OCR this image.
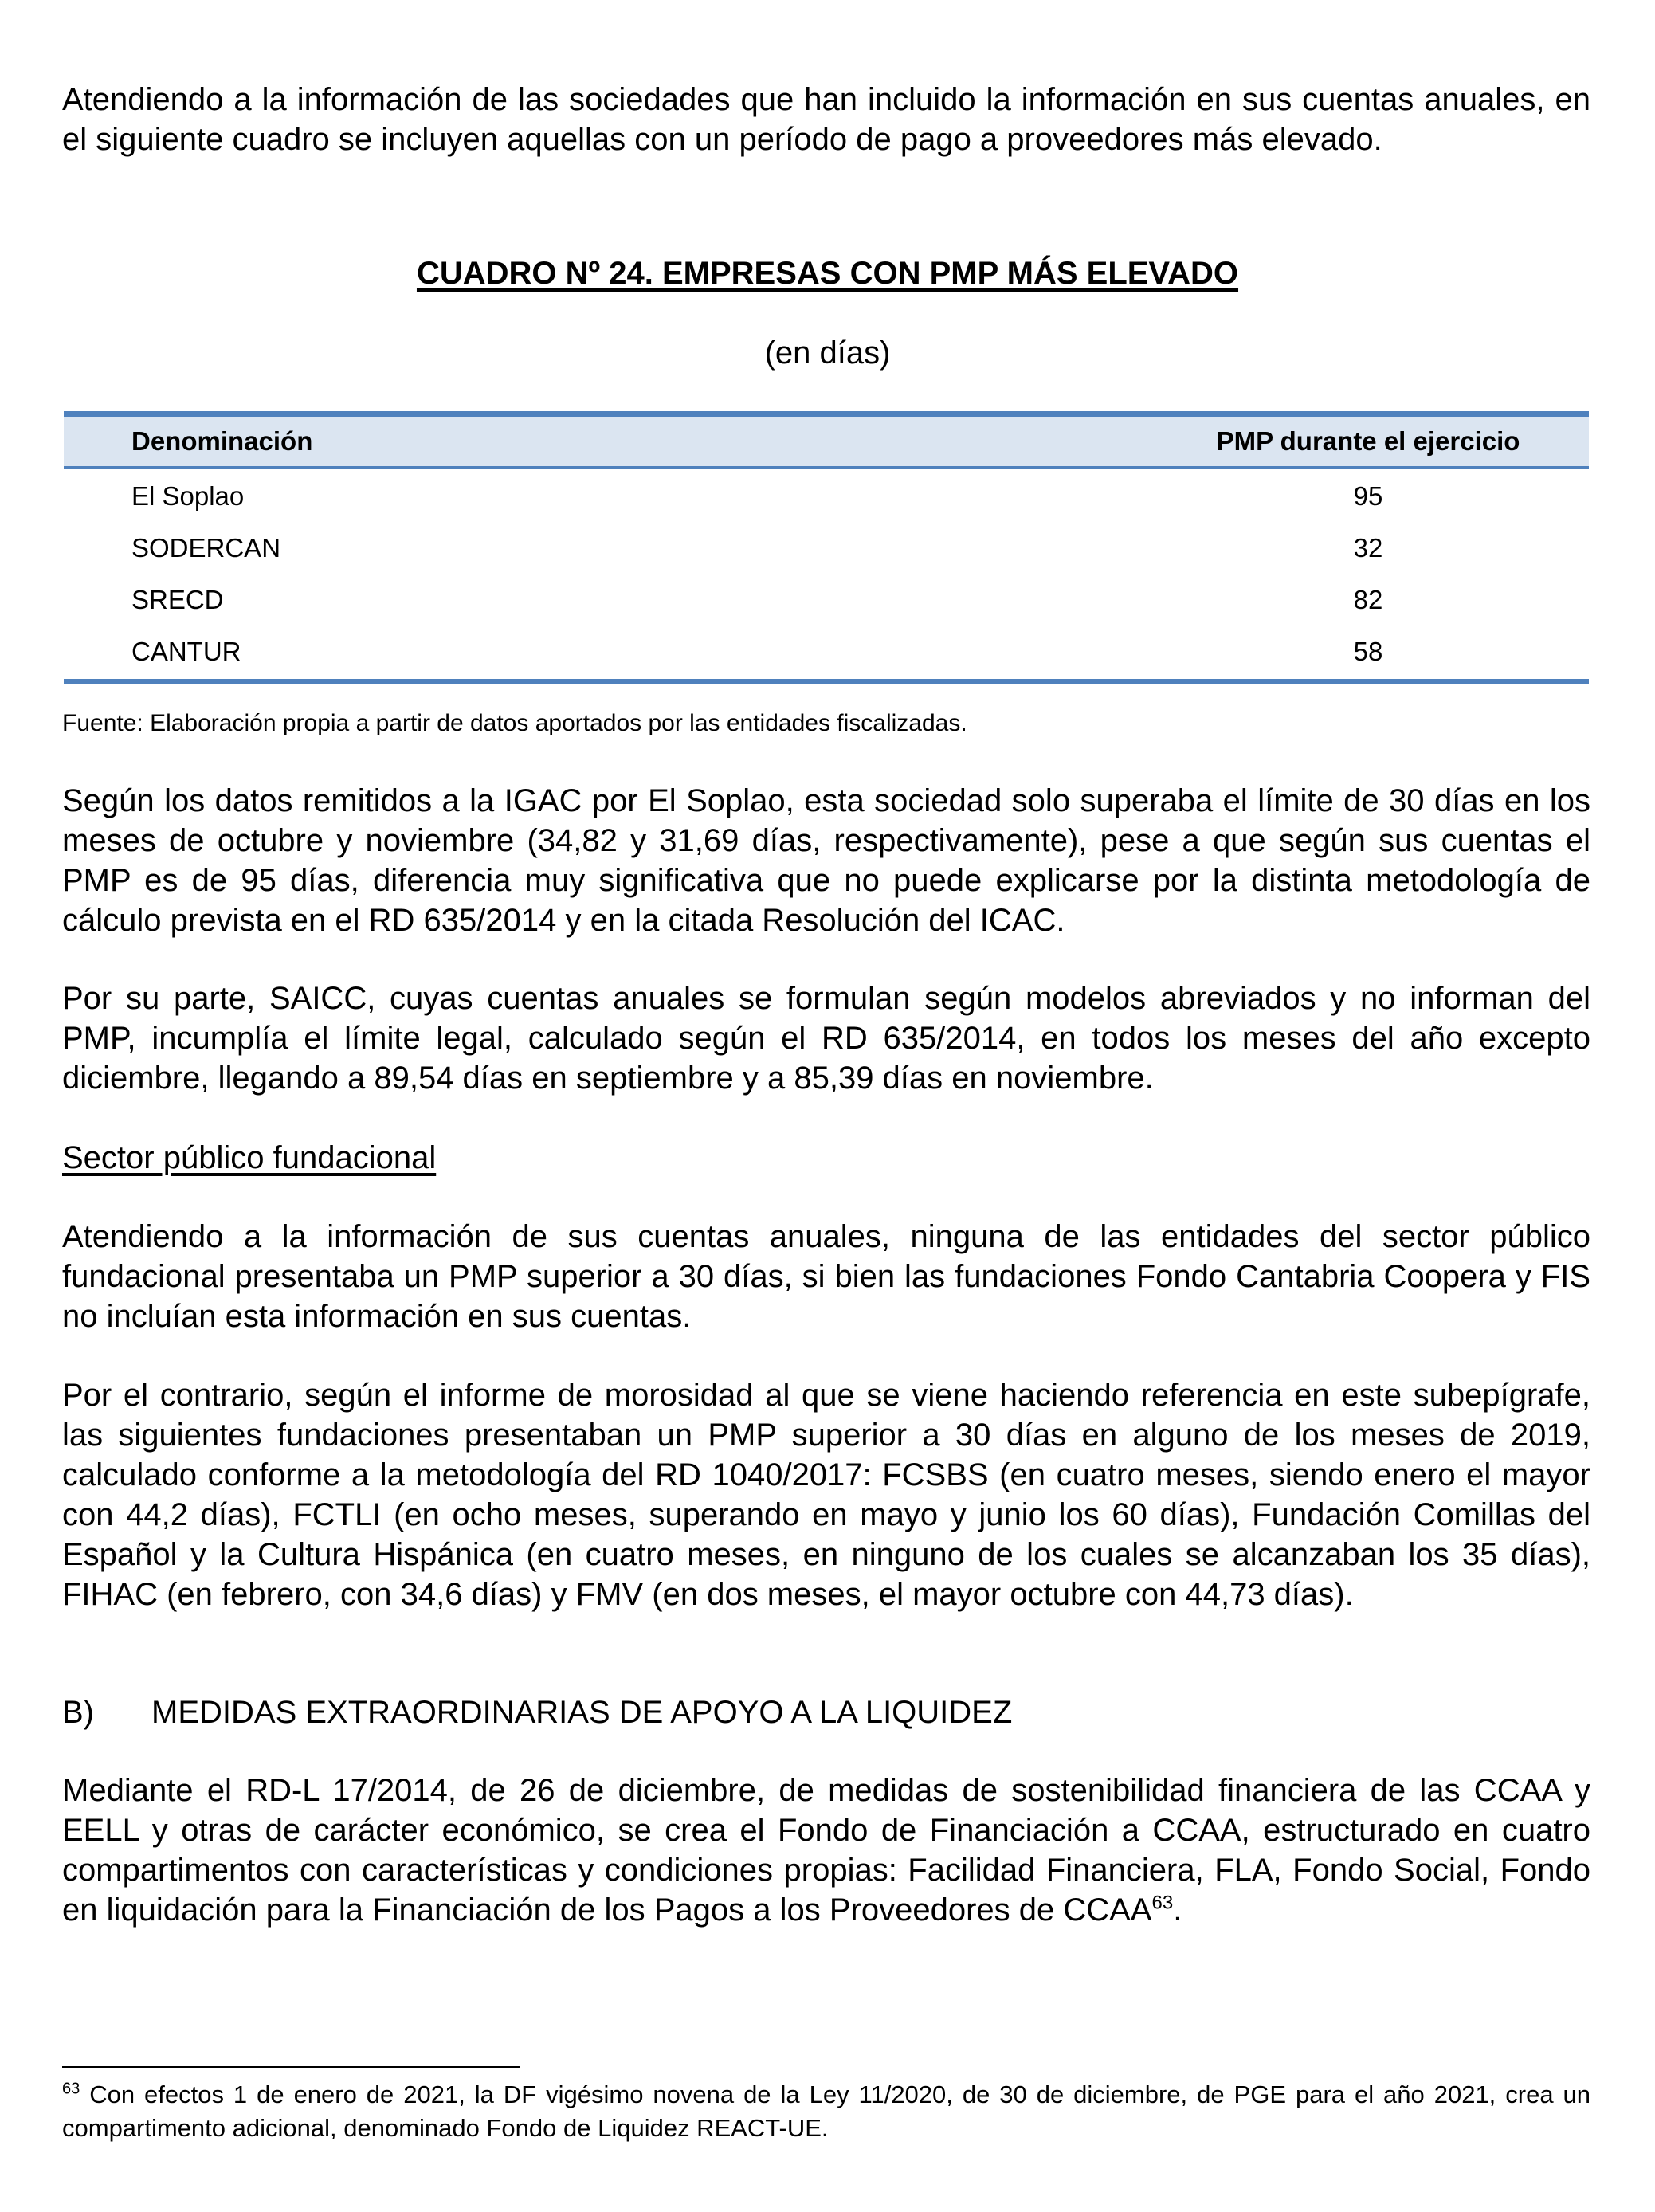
Atendiendo a la información de las sociedades que han incluido la información en sus cuentas anuales, en el siguiente cuadro se incluyen aquellas con un período de pago a proveedores más elevado.

CUADRO Nº 24. EMPRESAS CON PMP MÁS ELEVADO
(en días)
Denominación	PMP durante el ejercicio
El Soplao	95
SODERCAN	32
SRECD	82
CANTUR	58
Fuente: Elaboración propia a partir de datos aportados por las entidades fiscalizadas.

Según los datos remitidos a la IGAC por El Soplao, esta sociedad solo superaba el límite de 30 días en los meses de octubre y noviembre (34,82 y 31,69 días, respectivamente), pese a que según sus cuentas el PMP es de 95 días, diferencia muy significativa que no puede explicarse por la distinta metodología de cálculo prevista en el RD 635/2014 y en la citada Resolución del ICAC.

Por su parte, SAICC, cuyas cuentas anuales se formulan según modelos abreviados y no informan del PMP, incumplía el límite legal, calculado según el RD 635/2014, en todos los meses del año excepto diciembre, llegando a 89,54 días en septiembre y a 85,39 días en noviembre.

Sector público fundacional

Atendiendo a la información de sus cuentas anuales, ninguna de las entidades del sector público fundacional presentaba un PMP superior a 30 días, si bien las fundaciones Fondo Cantabria Coopera y FIS no incluían esta información en sus cuentas.

Por el contrario, según el informe de morosidad al que se viene haciendo referencia en este subepígrafe, las siguientes fundaciones presentaban un PMP superior a 30 días en alguno de los meses de 2019, calculado conforme a la metodología del RD 1040/2017: FCSBS (en cuatro meses, siendo enero el mayor con 44,2 días), FCTLI (en ocho meses, superando en mayo y junio los 60 días), Fundación Comillas del Español y la Cultura Hispánica (en cuatro meses, en ninguno de los cuales se alcanzaban los 35 días), FIHAC (en febrero, con 34,6 días) y FMV (en dos meses, el mayor octubre con 44,73 días).

B)	MEDIDAS EXTRAORDINARIAS DE APOYO A LA LIQUIDEZ

Mediante el RD-L 17/2014, de 26 de diciembre, de medidas de sostenibilidad financiera de las CCAA y EELL y otras de carácter económico, se crea el Fondo de Financiación a CCAA, estructurado en cuatro compartimentos con características y condiciones propias: Facilidad Financiera, FLA, Fondo Social, Fondo en liquidación para la Financiación de los Pagos a los Proveedores de CCAA$^{63}$.

$^{63}$ Con efectos 1 de enero de 2021, la DF vigésimo novena de la Ley 11/2020, de 30 de diciembre, de PGE para el año 2021, crea un compartimento adicional, denominado Fondo de Liquidez REACT-UE.
